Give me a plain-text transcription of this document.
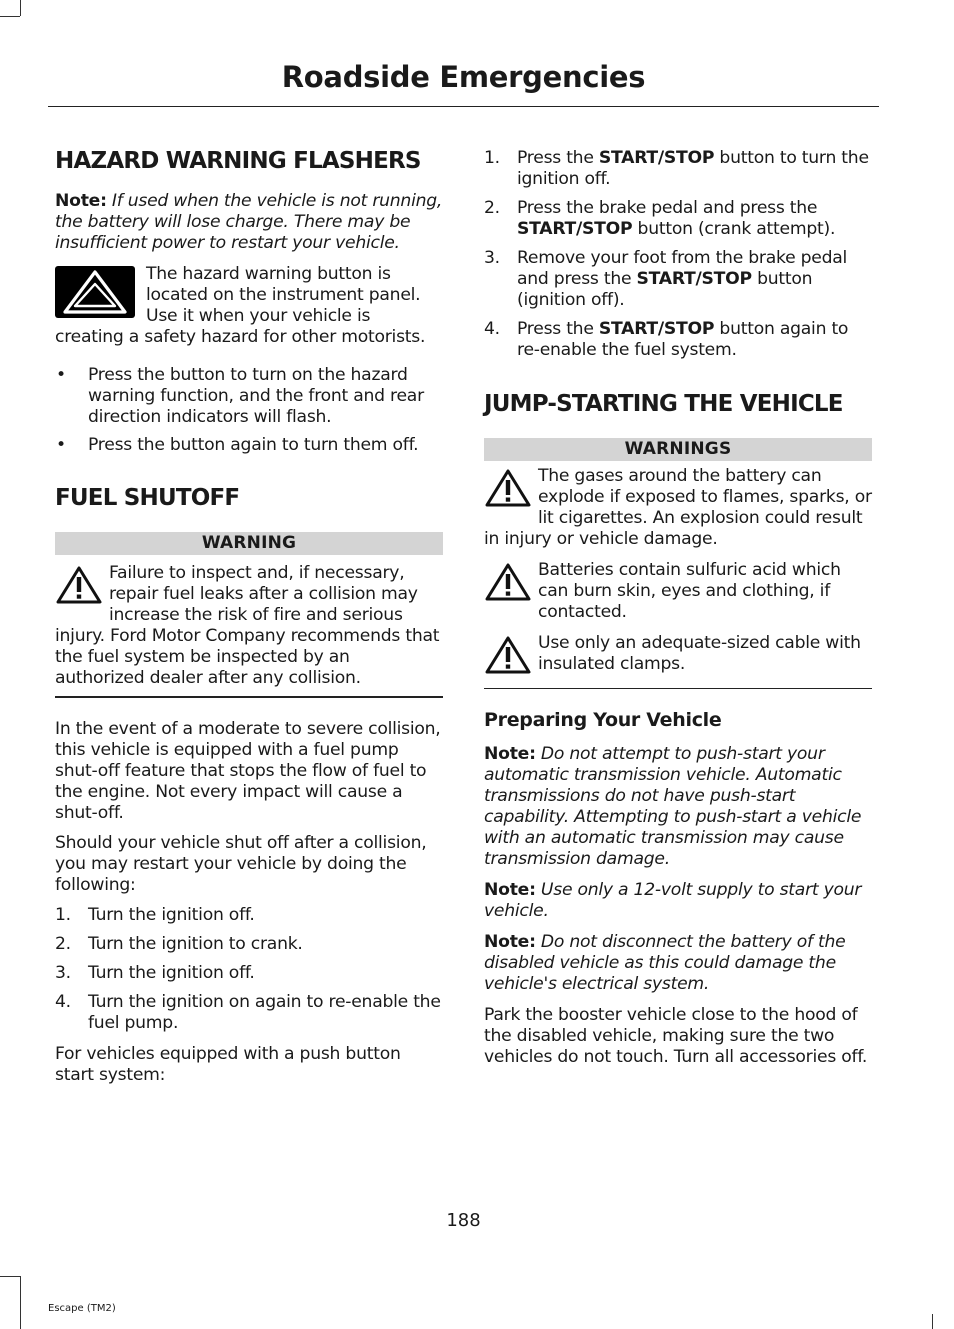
Roadside Emergencies
HAZARD WARNING FLASHERS

Note: If used when the vehicle is not running, the battery will lose charge. There may be insufficient power to restart your vehicle.

The hazard warning button is located on the instrument panel. Use it when your vehicle is creating a safety hazard for other motorists.

• Press the button to turn on the hazard warning function, and the front and rear direction indicators will flash.
• Press the button again to turn them off.
FUEL SHUTOFF
WARNING

Failure to inspect and, if necessary, repair fuel leaks after a collision may increase the risk of fire and serious injury. Ford Motor Company recommends that the fuel system be inspected by an authorized dealer after any collision.

In the event of a moderate to severe collision, this vehicle is equipped with a fuel pump shut-off feature that stops the flow of fuel to the engine. Not every impact will cause a shut-off.

Should your vehicle shut off after a collision, you may restart your vehicle by doing the following:

1. Turn the ignition off.
2. Turn the ignition to crank.
3. Turn the ignition off.
4. Turn the ignition on again to re-enable the fuel pump.

For vehicles equipped with a push button start system:

1. Press the START/STOP button to turn the ignition off.
2. Press the brake pedal and press the START/STOP button (crank attempt).
3. Remove your foot from the brake pedal and press the START/STOP button (ignition off).
4. Press the START/STOP button again to re-enable the fuel system.
JUMP-STARTING THE VEHICLE
WARNINGS

The gases around the battery can explode if exposed to flames, sparks, or lit cigarettes. An explosion could result in injury or vehicle damage.

Batteries contain sulfuric acid which can burn skin, eyes and clothing, if contacted.

Use only an adequate-sized cable with insulated clamps.

Preparing Your Vehicle

Note: Do not attempt to push-start your automatic transmission vehicle. Automatic transmissions do not have push-start capability. Attempting to push-start a vehicle with an automatic transmission may cause transmission damage.

Note: Use only a 12-volt supply to start your vehicle.

Note: Do not disconnect the battery of the disabled vehicle as this could damage the vehicle's electrical system.

Park the booster vehicle close to the hood of the disabled vehicle, making sure the two vehicles do not touch. Turn all accessories off.

188
Escape (TM2)
